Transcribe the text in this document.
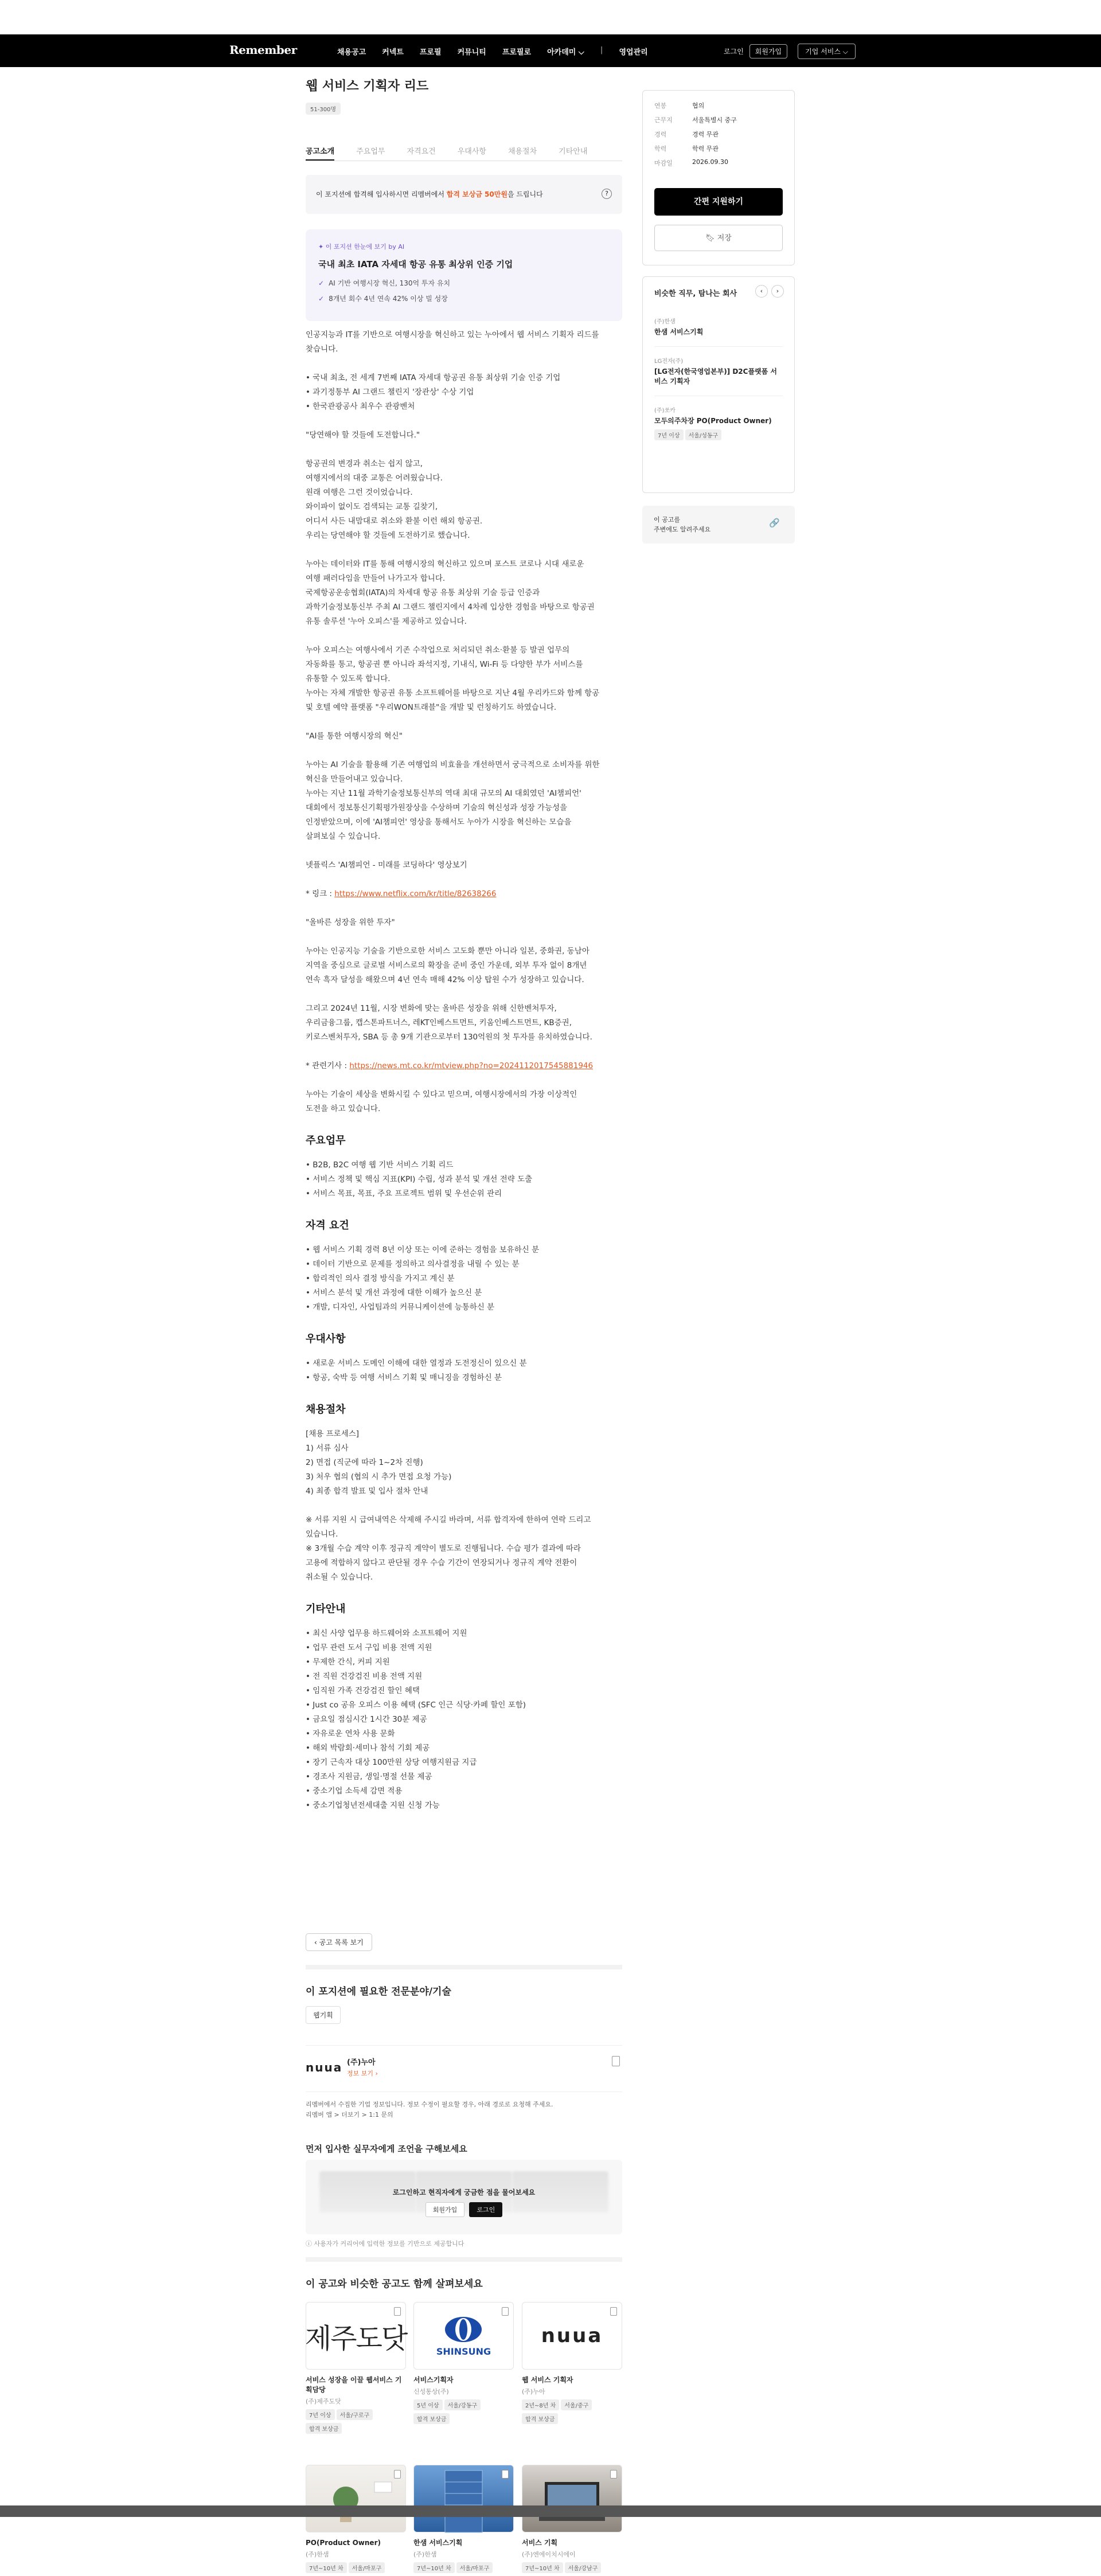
Remember	채용공고 커넥트 프로필 커뮤니티 프로필로 아카데미 ⌵ | 영업관리	로그인	회원가입	기업 서비스 ⌵
웹 서비스 기획자 리드
51-300명
공고소개	주요업무	자격요건	우대사항	채용절차	기타안내
이 포지션에 합격해 입사하시면 리멤버에서 합격 보상금 50만원을 드립니다	?
✦ 이 포지션 한눈에 보기 by AI
국내 최초 IATA 자세대 항공 유통 최상위 인증 기업
✓ AI 기반 여행시장 혁신, 130억 투자 유치
✓ 8개년 회수 4년 연속 42% 이상 빌 성장

인공지능과 IT를 기반으로 여행시장을 혁신하고 있는 누아에서 웹 서비스 기획자 리드를

찾습니다.

• 국내 최초, 전 세계 7번째 IATA 자세대 항공권 유통 최상위 기술 인증 기업

• 과기정통부 AI 그랜드 챌린지 '장관상' 수상 기업

• 한국관광공사 최우수 관광벤처

"당연해야 할 것들에 도전합니다."

항공권의 변경과 취소는 쉽지 않고,

여행지에서의 대중 교통은 어려웠습니다.

원래 여행은 그런 것이었습니다.

와이파이 없이도 검색되는 교통 길찾기,

어디서 사든 내맘대로 취소와 환불 이런 해외 항공권.

우리는 당연해야 할 것들에 도전하기로 했습니다.

누아는 데이터와 IT를 통해 여행시장의 혁신하고 있으며 포스트 코로나 시대 새로운

여행 패러다임을 만들어 나가고자 합니다.

국제항공운송협회(IATA)의 차세대 항공 유통 최상위 기술 등급 인증과

과학기술정보통신부 주최 AI 그랜드 챌린지에서 4차례 입상한 경험을 바탕으로 항공권

유통 솔루션 '누아 오피스'를 제공하고 있습니다.

누아 오피스는 여행사에서 기존 수작업으로 처리되던 취소·환불 등 발권 업무의

자동화를 통고, 항공권 뿐 아니라 좌석지정, 기내식, Wi-Fi 등 다양한 부가 서비스를

유통할 수 있도록 합니다.

누아는 자체 개발한 항공권 유통 소프트웨어를 바탕으로 지난 4월 우리카드와 함께 항공

및 호텔 예약 플랫폼 "우리WON트래블"을 개발 및 런칭하기도 하였습니다.

"AI를 통한 여행시장의 혁신"

누아는 AI 기술을 활용해 기존 여행업의 비효율을 개선하면서 궁극적으로 소비자를 위한

혁신을 만들어내고 있습니다.

누아는 지난 11월 과학기술정보통신부의 역대 최대 규모의 AI 대회였던 'AI챔피언'

대회에서 정보통신기획평가원장상을 수상하며 기술의 혁신성과 성장 가능성을

인정받았으며, 이에 'AI챔피언' 영상을 통해서도 누아가 시장을 혁신하는 모습을

살펴보실 수 있습니다.

넷플릭스 'AI챔피언 - 미래를 코딩하다' 영상보기

* 링크 : https://www.netflix.com/kr/title/82638266

"올바른 성장을 위한 투자"

누아는 인공지능 기술을 기반으로한 서비스 고도화 뿐만 아니라 일본, 중화권, 동남아

지역을 중심으로 글로벌 서비스로의 확장을 준비 중인 가운데, 외부 투자 없이 8개년

연속 흑자 달성을 해왔으며 4년 연속 매해 42% 이상 탑원 수가 성장하고 있습니다.

그리고 2024년 11월, 시장 변화에 맞는 올바른 성장을 위해 신한벤처투자,

우리금융그룹, 캡스톤파트너스, 레KT인베스트먼트, 키움인베스트먼트, KB증권,

키로스벤처투자, SBA 등 총 9개 기관으로부터 130억원의 첫 투자를 유치하였습니다.

* 관련기사 : https://news.mt.co.kr/mtview.php?no=2024112017545881946

누아는 기술이 세상을 변화시킬 수 있다고 믿으며, 여행시장에서의 가장 이상적인

도전을 하고 있습니다.

주요업무

• B2B, B2C 여행 웹 기반 서비스 기획 리드

• 서비스 정책 및 핵심 지표(KPI) 수립, 성과 분석 및 개선 전략 도출

• 서비스 목표, 목표, 주요 프로젝트 범위 및 우선순위 관리

자격 요건

• 웹 서비스 기획 경력 8년 이상 또는 이에 준하는 경험을 보유하신 분

• 데이터 기반으로 문제를 정의하고 의사결정을 내릴 수 있는 분

• 합리적인 의사 결정 방식을 가지고 계신 분

• 서비스 분석 및 개선 과정에 대한 이해가 높으신 분

• 개발, 디자인, 사업팀과의 커뮤니케이션에 능통하신 분

우대사항

• 새로운 서비스 도메인 이해에 대한 열정과 도전정신이 있으신 분

• 항공, 숙박 등 여행 서비스 기획 및 매니징을 경험하신 분

채용절차

[채용 프로세스]

1) 서류 심사

2) 면접 (직군에 따라 1~2차 진행)

3) 처우 협의 (협의 시 추가 면접 요청 가능)

4) 최종 합격 발표 및 입사 절차 안내

※ 서류 지원 시 급여내역은 삭제해 주시길 바라며, 서류 합격자에 한하여 연락 드리고

있습니다.

※ 3개월 수습 계약 이후 정규직 계약이 별도로 진행됩니다. 수습 평가 결과에 따라

고용에 적합하지 않다고 판단될 경우 수습 기간이 연장되거나 정규직 계약 전환이

취소될 수 있습니다.

기타안내

• 최신 사양 업무용 하드웨어와 소프트웨어 지원

• 업무 관련 도서 구입 비용 전액 지원

• 무제한 간식, 커피 지원

• 전 직원 건강검진 비용 전액 지원

• 임직원 가족 건강검진 할인 혜택

• Just co 공유 오피스 이용 혜택 (SFC 인근 식당·카페 할인 포함)

• 금요일 점심시간 1시간 30분 제공

• 자유로운 연차 사용 문화

• 해외 박람회·세미나 참석 기회 제공

• 장기 근속자 대상 100만원 상당 여행지원금 지급

• 경조사 지원금, 생일·명절 선물 제공

• 중소기업 소득세 감면 적용

• 중소기업청년전세대출 지원 신청 가능

‹ 공고 목록 보기
이 포지션에 필요한 전문분야/기술
웹기획
nuua (주)누아
정보 보기 ›
리멤버에서 수집한 기업 정보입니다. 정보 수정이 필요할 경우, 아래 경로로 요청해 주세요.
리멤버 앱 > 더보기 > 1:1 문의
먼저 입사한 실무자에게 조언을 구해보세요
로그인하고 현직자에게 궁금한 점을 물어보세요
회원가입	로그인
ⓘ 사용자가 커리어에 입력한 정보를 기반으로 제공합니다
이 공고와 비슷한 공고도 함께 살펴보세요
제주도닷
서비스 성장을 이끌 웹서비스 기획담당
(주)제주도닷
7년 이상 서울/구로구합격 보상금
SHINSUNG
서비스기획자
신성통상(주)
5년 이상 서울/강동구합격 보상금
nuua
웹 서비스 기획자
(주)누아
2년~8년 차 서울/중구합격 보상금
PO(Product Owner)
(주)한샘
7년~10년 차 서울/마포구
한샘 서비스기획
(주)한샘
7년~10년 차 서울/마포구
서비스 기획
(주)엔에이치시에이
7년~10년 차 서울/강남구
연봉	협의
근무지	서울특별시 중구
경력	경력 무관
학력	학력 무관
마감일	2026.09.30
간편 지원하기
🔖︎ 저장
비슷한 직무, 탐나는 회사	‹	›
(주)한샘
한샘 서비스기획
LG전자(주)
[LG전자(한국영업본부)] D2C플랫폼 서비스 기획자
(주)쏘카
모두의주차장 PO(Product Owner)
7년 이상 서울/성동구
이 공고를
주변에도 알려주세요
🔗
